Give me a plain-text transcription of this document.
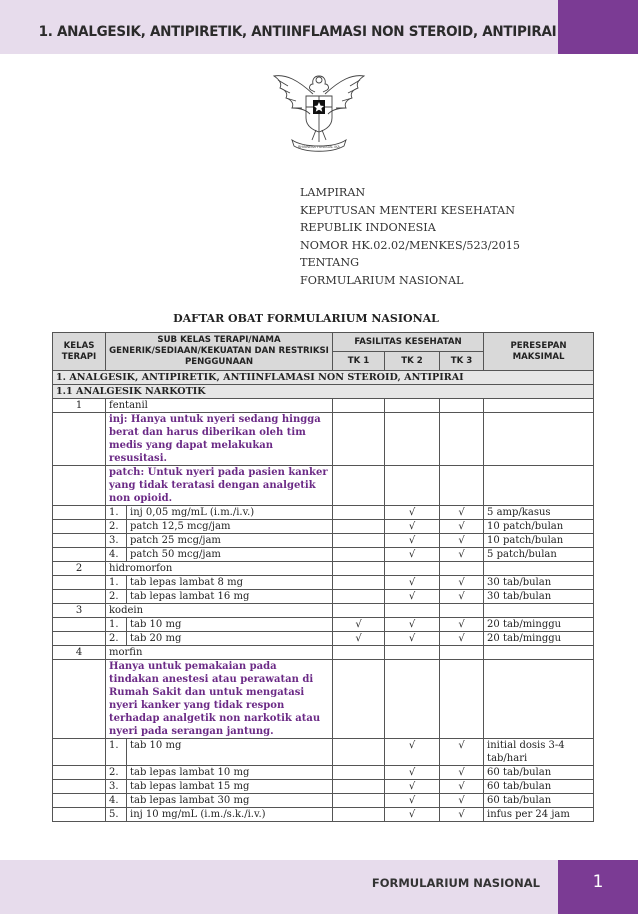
1. ANALGESIK, ANTIPIRETIK, ANTIINFLAMASI NON STEROID, ANTIPIRAI
BHINNEKA TUNGGAL IKA
LAMPIRAN
KEPUTUSAN MENTERI KESEHATAN
REPUBLIK INDONESIA
NOMOR HK.02.02/MENKES/523/2015
TENTANG
FORMULARIUM NASIONAL
DAFTAR OBAT FORMULARIUM NASIONAL
KELAS TERAPI	SUB KELAS TERAPI/NAMA GENERIK/SEDIAAN/KEKUATAN DAN RESTRIKSI PENGGUNAAN		FASILITAS KESEHATAN			PERESEPAN MAKSIMAL
			TK 1	TK 2	TK 3	
1. ANALGESIK, ANTIPIRETIK, ANTIINFLAMASI NON STEROID, ANTIPIRAI						
1.1 ANALGESIK NARKOTIK						
1	fentanil					
	inj: Hanya untuk nyeri sedang hingga berat dan harus diberikan oleh tim medis yang dapat melakukan resusitasi.					
	patch: Untuk nyeri pada pasien kanker yang tidak teratasi dengan analgetik non opioid.					
	1.	inj 0,05 mg/mL (i.m./i.v.)		√	√	5 amp/kasus
	2.	patch 12,5 mcg/jam		√	√	10 patch/bulan
	3.	patch 25 mcg/jam		√	√	10 patch/bulan
	4.	patch 50 mcg/jam		√	√	5 patch/bulan
2	hidromorfon					
	1.	tab lepas lambat 8 mg		√	√	30 tab/bulan
	2.	tab lepas lambat 16 mg		√	√	30 tab/bulan
3	kodein					
	1.	tab 10 mg	√	√	√	20 tab/minggu
	2.	tab 20 mg	√	√	√	20 tab/minggu
4	morfin					
	Hanya untuk pemakaian pada tindakan anestesi atau perawatan di Rumah Sakit dan untuk mengatasi nyeri kanker yang tidak respon terhadap analgetik non narkotik atau nyeri pada serangan jantung.					
	1.	tab 10 mg		√	√	initial dosis 3-4 tab/hari
	2.	tab lepas lambat 10 mg		√	√	60 tab/bulan
	3.	tab lepas lambat 15 mg		√	√	60 tab/bulan
	4.	tab lepas lambat 30 mg		√	√	60 tab/bulan
	5.	inj 10 mg/mL (i.m./s.k./i.v.)		√	√	infus per 24 jam
FORMULARIUM NASIONAL	1
